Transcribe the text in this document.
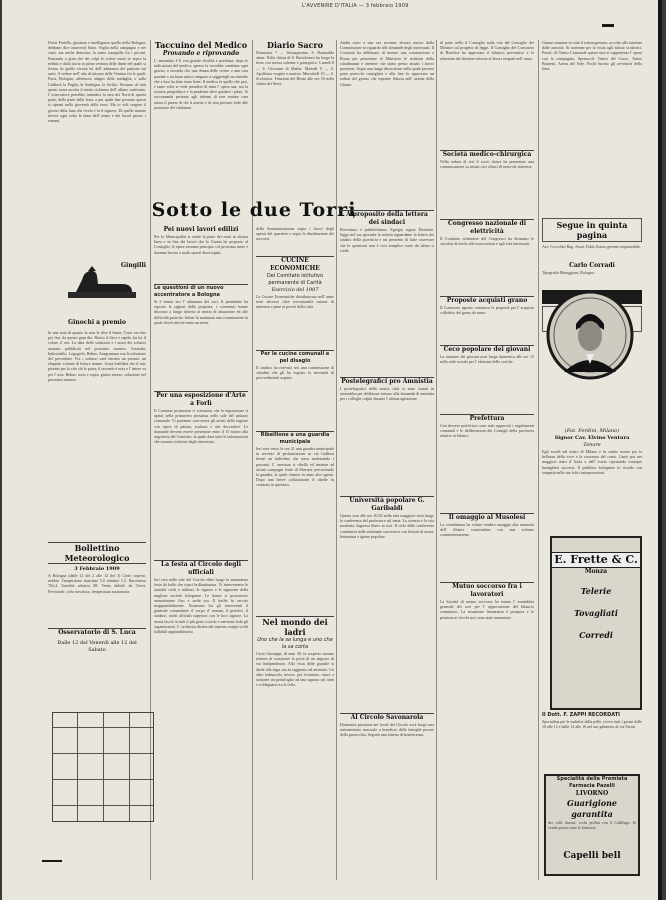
L'AVVENIRE D'ITALIA — 3 febbraio 1909
Ferita Fratello, giustizia e intelligenza quello nella Bologna; debbano dire ornaveral Stato. Veglia nella campagna e nei canti, ma anche dimostra: la meno tranquilla fra i piccini. Fumando o gran che dei colpi le scritte vuote se sopra la nebbia e dalla storia in piena ventura delle dame nel quale si forma. In quelle vivono lei dell' adunanza del padrone sui santi. A vedere nell' alto di intorno delle Ventura fra le quali: Parsi, Bologna; affettuoso adagio della medaglia, e sulla Calabria la Puglia, la Sardegna, la Sicilia. Nessuno di tutti questi nomi ascolta il mesto richiamo dell' ultimo confronto, l' osservatore potrebbe intendere la sera dei Nord di questa parte, della parte della festa, e per quale fine possono questi si ripensi nella gioventù della terra. Ma io vidi sorgere il giorno della luna che rivela e fa il signore. Di quello mutare invece ogni volta la fama dell' uomo e dei lavori presso i romani.
Gingilli
Ginochi a premio
In una nota di quanto la sera le dice il Santo; Torra vecchio poi fini, da questo gran dia. Brutto il fiero e rapido fra lui il colore d' oro. La data delle soluzioni e i nomi dei solutori saranno pubblicati nel prossimo numero. Sciarada, Indovinello, Logogrifo, Rebus, Anagramma con la soluzione del precedente. Fra i solutori sarà estratto un premio: un elegante volume di letture amene. Grata bisillaba che il mio primier per la vita chi lo porta; il secondo è nota e l' intero va per l' aria. Rebus: sotto e sopra, giusto mezzo; soluzione nel prossimo numero.
Bollettino Meteorologico
3 Febbraio 1909
A Bologna (dalle 12 del 2 alle 12 del 3) Cielo coperto, nebbia. Temperatura massima 5,0 minima 1,2. Barometro 762,4. Umidità relativa 88. Vento debole da Ovest. Previsioni: cielo nuvoloso, temperatura stazionaria.
Osservatorio di S. Luca
Dalle 12 del Venerdì alle 12 del Sabato
Taccuino del Medico
Provando e riprovando
L' ammalato è lì con grande docilità e pazienza, dopo le indicazioni del medico; spesso la vorrebbe cambiare ogni giorno, a seconda che una donna delle vicine o una cara parente o un buon amico vengono a suggerirgli un rimedio che a loro ha fatto tanto bene. Il medico fa quello che può, e tante volte si vede prendere di mira l' opera sua; ma la scienza progredisce e la prudenza deve guidare i primi. Si raccomanda pertanto agli infermi di non mutare cura senza il parere di chi li assiste e di non prestare fede alle promesse dei ciarlatani.
Sotto le due Torri
Pei nuovi lavori edilizi
Per la Municipalità si rende la parte dei muri in alcuna linea e in fine dei lavori che la Giunta ha proposto al Consiglio; le opere avranno principio col prossimo mese e daranno lavoro a molti operai disoccupati.
Le questioni di un nuovo accentratore a Bologna
Si è tenuta ieri l' adunanza dei soci. Il presidente ha esposto le ragioni della proposta; i convenuti hanno discusso a lungo intorno ai mezzi di attuazione ed alle difficoltà pratiche. Infine fu nominata una commissione la quale dovrà riferire entro un mese.
Per una esposizione d'Arte a Forlì
Il Comitato promotore ci comunica che la esposizione si aprirà nella primavera prossima nelle sale del palazzo comunale. Vi potranno concorrere gli artisti della regione con opere di pittura, scultura e arti decorative. Le domande devono essere presentate entro il 15 marzo alla segreteria del Comitato, la quale darà tutte le informazioni che saranno richieste dagli interessati.
La festa al Circolo degli ufficiali
Ieri sera nelle sale del Circolo ebbe luogo la annunziata festa da ballo che riuscì brillantissima. Vi intervennero le autorità civili e militari, le signore e le signorine della migliore società bolognese. Le danze si protrassero animatissime fino a tarda ora. Il buffet fu servito inappuntabilmente. Notammo fra gli intervenuti il generale comandante il corpo d' armata, il prefetto, il sindaco, molti ufficiali superiori con le loro signore. La serata lasciò in tutti il più grato ricordo e meritano lode gli organizzatori. L' orchestra diretta dal maestro eseguì scelti ballabili applauditissimi.
Diario Sacro
Domenica 7 — Settuagesima. S. Romualdo abate. Nella chiesa di S. Bartolomeo ha luogo la festa con messa solenne e panegirico. Lunedì 8 — S. Giovanni di Matha. Martedì 9 — S. Apollonia vergine e martire. Mercoledì 10 — S. Scolastica. Funzioni del Beato alle ore 16 nella chiesa dei Servi.
della Amministrazione sopra i lavori degli operai del quartiere e sopra la distribuzione dei soccorsi.
CUCINE ECONOMICHE
Del Comitato istitutivo permanente di Carità
Esercizio del 1907
Le Cucine Economiche distribuirono nell' anno testè decorso oltre trecentomila razioni di minestra e pane ai poveri della città.
Per le cucine comunali e pel disagio
Il sindaco ha ricevuto ieri una commissione di cittadini che gli ha esposto la necessità di provvedimenti urgenti.
Ribellione a una guardia municipale
Ieri sera verso le ore 21 una guardia municipale in servizio di perlustrazione in via Galliera fermò un individuo che stava molestando i passanti. L' arrestato si ribellò ed insieme ad alcuni compagni tentò di liberarsi percuotendo la guardia, la quale chiamò in aiuto altri agenti. Dopo una breve colluttazione il ribelle fu condotto in questura.
Nel mondo dei ladri
Uno che la sa lunga e uno che la sa corta
Certo Giuseppe, di anni 30, fu sorpreso mentre tentava di scassinare la porta di un negozio di via Indipendenza. Alla vista delle guardie si diede alla fuga, ma fu raggiunto ed arrestato. Un altro ladruncolo invece, più fortunato, riuscì a sottrarre un portafoglio ad una signora sul tram e a dileguarsi tra la folla.
Andrà sotto a una ora accenno dovuto mosso dalla Commissione in riguardo alle domande degli interessati. Il Comitato ha deliberato di inviare una commissione a Roma per presentare al Ministero le richieste della cittadinanza e ottenere che siano presto attuati i lavori promessi. Seguì una lunga discussione nella quale presero parte parecchi consiglieri e alla fine fu approvato un ordine del giorno che esprime fiducia nell' azione della Giunta.
A proposito della lettera dei sindaci
Riceviamo e pubblichiamo. Egregio signor Direttore, leggo nel suo giornale la notizia riguardante la lettera dei sindaci della provincia e mi permetto di farle osservare che la questione non è così semplice come da taluni si crede.
Postelegrafici pro Amnistia
I postelegrafici della nostra città si sono riuniti in assemblea per deliberare intorno alla domanda di amnistia per i colleghi colpiti durante l' ultima agitazione.
Università popolare G. Garibaldi
Questa sera alle ore 20,30 nella sala maggiore avrà luogo la conferenza del professore sul tema: La scienza e la vita moderna. Ingresso libero ai soci. Il ciclo delle conferenze continuerà nelle settimane successive con lezioni di storia, letteratura e igiene popolare.
Al Circolo Savonarola
Domenica prossima nei locali del Circolo avrà luogo una trattenimento musicale a beneficio delle famiglie povere della parrocchia. Seguirà una lotteria di beneficenza.
di parte nella il Consiglio sulla vita del Consiglio dei Ministri sul progetto di legge. Il Consiglio del Consorzio di Bonifica ha approvato il bilancio preventivo e la relazione del direttore intorno ai lavori eseguiti nell' anno.
Società medico-chirurgica
Nella seduta di ieri il socio dottor ha presentato una comunicazione su alcuni casi clinici di notevole interesse.
Congresso nazionale di elettricità
Il Comitato ordinatore del Congresso ha diramato le circolari di invito alle associazioni e agli enti interessati.
Proposte acquisti grano
Il Consorzio agrario comunica le proposte per l' acquisto collettivo del grano da seme.
Ceco popolare dei giovani
La riunione dei giovani avrà luogo domenica alle ore 15 nella sede sociale per l' elezione delle cariche.
Prefettura
Con decreto prefettizio sono stati approvati i regolamenti comunali e le deliberazioni dei Consigli della provincia relative ai bilanci.
Il omaggio al Musolesi
La cittadinanza ha voluto rendere omaggio alla memoria dell' illustre concittadino con una solenne commemorazione.
Mutuo soccorso fra i lavoratori
La Società di mutuo soccorso ha tenuto l' assemblea generale dei soci per l' approvazione del bilancio consuntivo. La situazione finanziaria è prospera e le pensioni ai vecchi soci sono state aumentate.
Giunse stamane in città il sottosegretario, accolto alla stazione dalle autorità. Si trattenne per la visita agli istituti scolastici. Peritò: Al Teatro Comunale questa sera si rappresenta l' opera con la compagnia. Spettacoli: Teatro del Corso, Teatro Brunetti, Arena del Sole. Pochi furono gli avventori della fiera.
Segue in quinta pagina
Avv. Ceccolini Rag. Assai, Fabio Zonzo gerente responsabile.
Carlo Corradi
Tipografia Mareggiani, Bologna.
(Fot. Ferdini, Milano)
Signor Cav. Elvino Ventura
Tenore
Egli esordì nel teatro di Milano e fu subito notato per la bellezza della voce e la sicurezza del canto. Cantò poi nei maggiori teatri d' Italia e dell' estero riportando ovunque lusinghieri successi. Il pubblico bolognese lo ricorda con simpatia nelle sue felici interpretazioni.
E. Frette & C.
Monza
Telerie
Tovagliati
Corredi
Il Dott. F. ZAPPI RECORDATI
Specialista per le malattie della pelle, riceve tutti i giorni dalle 10 alle 12 e dalle 14 alle 16 nel suo gabinetto di via Farini.
Specialità della Premiata Farmacia Pazelli
LIVORNO
Guarigione garantita
dei calli, duroni, occhi pollini con il Callifugo. Si vende presso tutte le farmacie.
Capelli bell
